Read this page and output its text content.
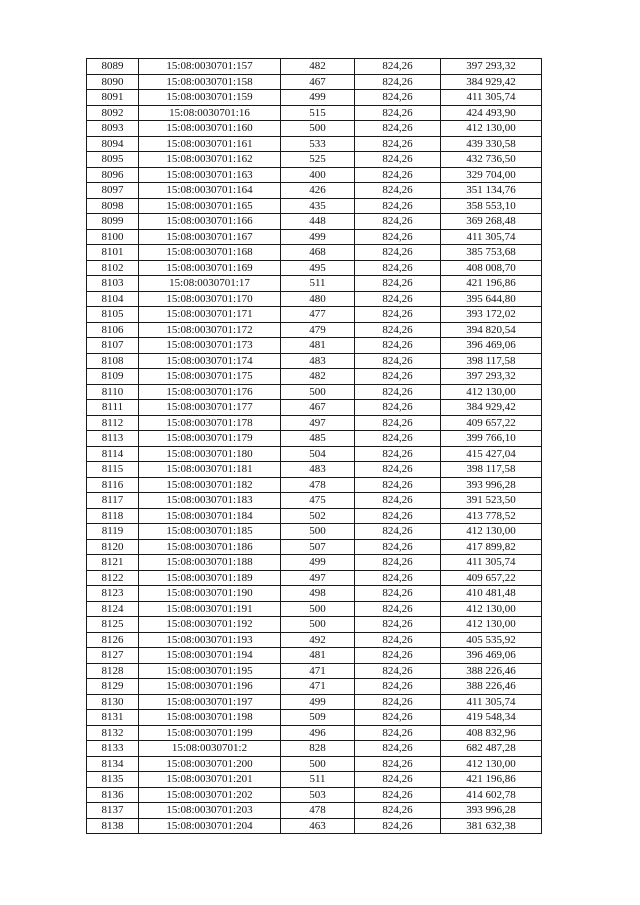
8089	15:08:0030701:157	482	824,26	397 293,32
8090	15:08:0030701:158	467	824,26	384 929,42
8091	15:08:0030701:159	499	824,26	411 305,74
8092	15:08:0030701:16	515	824,26	424 493,90
8093	15:08:0030701:160	500	824,26	412 130,00
8094	15:08:0030701:161	533	824,26	439 330,58
8095	15:08:0030701:162	525	824,26	432 736,50
8096	15:08:0030701:163	400	824,26	329 704,00
8097	15:08:0030701:164	426	824,26	351 134,76
8098	15:08:0030701:165	435	824,26	358 553,10
8099	15:08:0030701:166	448	824,26	369 268,48
8100	15:08:0030701:167	499	824,26	411 305,74
8101	15:08:0030701:168	468	824,26	385 753,68
8102	15:08:0030701:169	495	824,26	408 008,70
8103	15:08:0030701:17	511	824,26	421 196,86
8104	15:08:0030701:170	480	824,26	395 644,80
8105	15:08:0030701:171	477	824,26	393 172,02
8106	15:08:0030701:172	479	824,26	394 820,54
8107	15:08:0030701:173	481	824,26	396 469,06
8108	15:08:0030701:174	483	824,26	398 117,58
8109	15:08:0030701:175	482	824,26	397 293,32
8110	15:08:0030701:176	500	824,26	412 130,00
8111	15:08:0030701:177	467	824,26	384 929,42
8112	15:08:0030701:178	497	824,26	409 657,22
8113	15:08:0030701:179	485	824,26	399 766,10
8114	15:08:0030701:180	504	824,26	415 427,04
8115	15:08:0030701:181	483	824,26	398 117,58
8116	15:08:0030701:182	478	824,26	393 996,28
8117	15:08:0030701:183	475	824,26	391 523,50
8118	15:08:0030701:184	502	824,26	413 778,52
8119	15:08:0030701:185	500	824,26	412 130,00
8120	15:08:0030701:186	507	824,26	417 899,82
8121	15:08:0030701:188	499	824,26	411 305,74
8122	15:08:0030701:189	497	824,26	409 657,22
8123	15:08:0030701:190	498	824,26	410 481,48
8124	15:08:0030701:191	500	824,26	412 130,00
8125	15:08:0030701:192	500	824,26	412 130,00
8126	15:08:0030701:193	492	824,26	405 535,92
8127	15:08:0030701:194	481	824,26	396 469,06
8128	15:08:0030701:195	471	824,26	388 226,46
8129	15:08:0030701:196	471	824,26	388 226,46
8130	15:08:0030701:197	499	824,26	411 305,74
8131	15:08:0030701:198	509	824,26	419 548,34
8132	15:08:0030701:199	496	824,26	408 832,96
8133	15:08:0030701:2	828	824,26	682 487,28
8134	15:08:0030701:200	500	824,26	412 130,00
8135	15:08:0030701:201	511	824,26	421 196,86
8136	15:08:0030701:202	503	824,26	414 602,78
8137	15:08:0030701:203	478	824,26	393 996,28
8138	15:08:0030701:204	463	824,26	381 632,38
